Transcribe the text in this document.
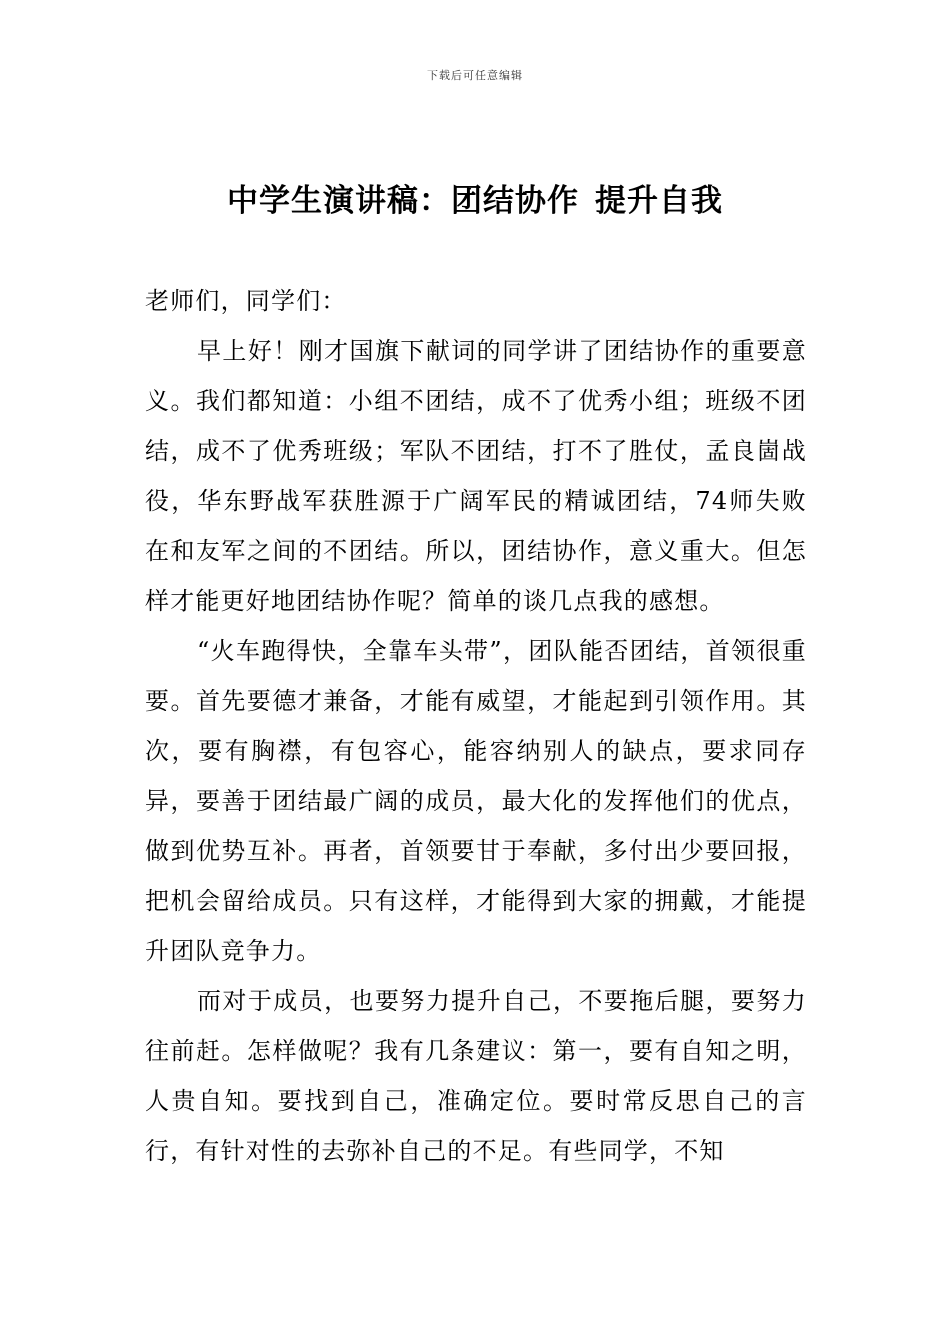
下载后可任意编辑
中学生演讲稿：团结协作 提升自我

老师们，同学们：

早上好！刚才国旗下献词的同学讲了团结协作的重要意义。我们都知道：小组不团结，成不了优秀小组；班级不团结，成不了优秀班级；军队不团结，打不了胜仗，孟良崮战役，华东野战军获胜源于广阔军民的精诚团结，74师失败在和友军之间的不团结。所以，团结协作，意义重大。但怎样才能更好地团结协作呢？简单的谈几点我的感想。

“火车跑得快，全靠车头带”，团队能否团结，首领很重要。首先要德才兼备，才能有威望，才能起到引领作用。其次，要有胸襟，有包容心，能容纳别人的缺点，要求同存异，要善于团结最广阔的成员，最大化的发挥他们的优点，做到优势互补。再者，首领要甘于奉献，多付出少要回报，把机会留给成员。只有这样，才能得到大家的拥戴，才能提升团队竞争力。

而对于成员，也要努力提升自己，不要拖后腿，要努力往前赶。怎样做呢？我有几条建议：第一，要有自知之明，人贵自知。要找到自己，准确定位。要时常反思自己的言行，有针对性的去弥补自己的不足。有些同学，不知
